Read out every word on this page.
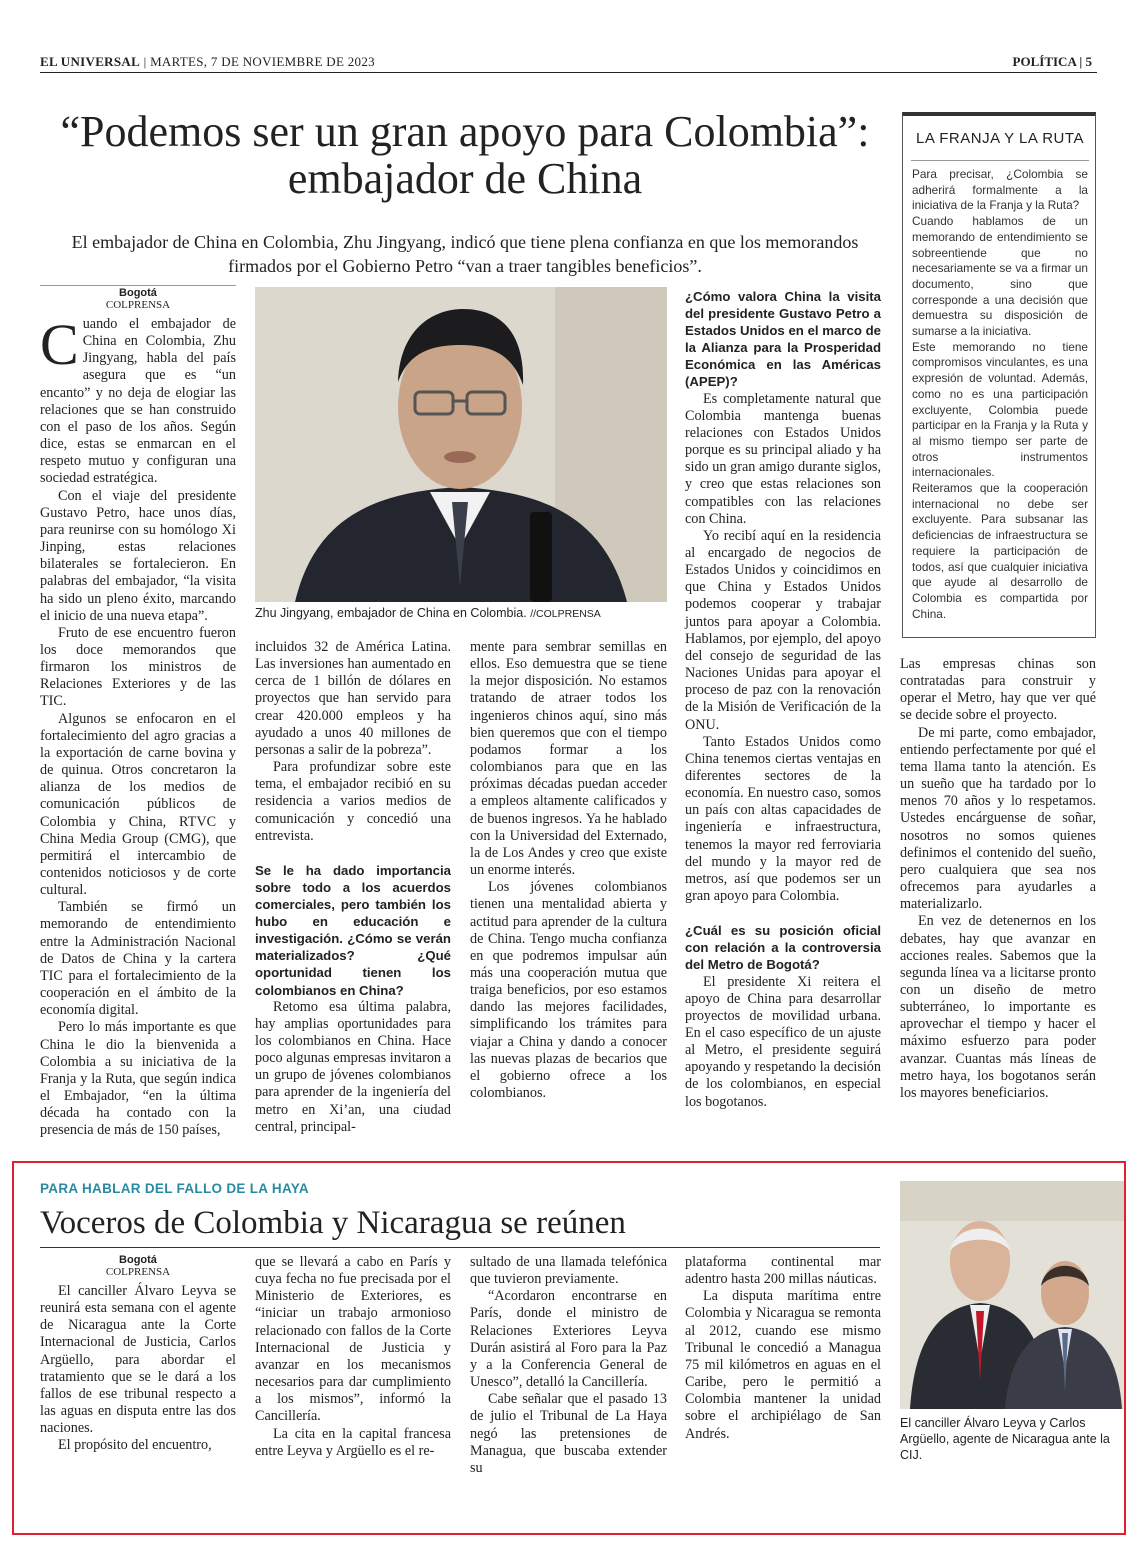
EL UNIVERSAL | MARTES, 7 DE NOVIEMBRE DE 2023	POLÍTICA | 5
“Podemos ser un gran apoyo para Colombia”: embajador de China
El embajador de China en Colombia, Zhu Jingyang, indicó que tiene plena confianza en que los memorandos firmados por el Gobierno Petro “van a traer tangibles beneficios”.
Bogotá
COLPRENSA

Cuando el embajador de China en Colombia, Zhu Jingyang, habla del país asegura que es “un encanto” y no deja de elogiar las relaciones que se han construido con el paso de los años. Según dice, estas se enmarcan en el respeto mutuo y configuran una sociedad estratégica.

Con el viaje del presidente Gustavo Petro, hace unos días, para reunirse con su homólogo Xi Jinping, estas relaciones bilaterales se fortalecieron. En palabras del embajador, “la visita ha sido un pleno éxito, marcando el inicio de una nueva etapa”.

Fruto de ese encuentro fueron los doce memorandos que firmaron los ministros de Relaciones Exteriores y de las TIC.

Algunos se enfocaron en el fortalecimiento del agro gracias a la exportación de carne bovina y de quinua. Otros concretaron la alianza de los medios de comunicación públicos de Colombia y China, RTVC y China Media Group (CMG), que permitirá el intercambio de contenidos noticiosos y de corte cultural.

También se firmó un memorando de entendimiento entre la Administración Nacional de Datos de China y la cartera TIC para el fortalecimiento de la cooperación en el ámbito de la economía digital.

Pero lo más importante es que China le dio la bienvenida a Colombia a su iniciativa de la Franja y la Ruta, que según indica el Embajador, “en la última década ha contado con la presencia de más de 150 países,

Zhu Jingyang, embajador de China en Colombia. //COLPRENSA

incluidos 32 de América Latina. Las inversiones han aumentado en cerca de 1 billón de dólares en proyectos que han servido para crear 420.000 empleos y ha ayudado a unos 40 millones de personas a salir de la pobreza”.

Para profundizar sobre este tema, el embajador recibió en su residencia a varios medios de comunicación y concedió una entrevista.

Se le ha dado importancia sobre todo a los acuerdos comerciales, pero también los hubo en educación e investigación. ¿Cómo se verán materializados? ¿Qué oportunidad tienen los colombianos en China?

Retomo esa última palabra, hay amplias oportunidades para los colombianos en China. Hace poco algunas empresas invitaron a un grupo de jóvenes colombianos para aprender de la ingeniería del metro en Xi’an, una ciudad central, principal-

mente para sembrar semillas en ellos. Eso demuestra que se tiene la mejor disposición. No estamos tratando de atraer todos los ingenieros chinos aquí, sino más bien queremos que con el tiempo podamos formar a los colombianos para que en las próximas décadas puedan acceder a empleos altamente calificados y de buenos ingresos. Ya he hablado con la Universidad del Externado, la de Los Andes y creo que existe un enorme interés.

Los jóvenes colombianos tienen una mentalidad abierta y actitud para aprender de la cultura de China. Tengo mucha confianza en que podremos impulsar aún más una cooperación mutua que traiga beneficios, por eso estamos dando las mejores facilidades, simplificando los trámites para viajar a China y dando a conocer las nuevas plazas de becarios que el gobierno ofrece a los colombianos.

¿Cómo valora China la visita del presidente Gustavo Petro a Estados Unidos en el marco de la Alianza para la Prosperidad Económica en las Américas (APEP)?

Es completamente natural que Colombia mantenga buenas relaciones con Estados Unidos porque es su principal aliado y ha sido un gran amigo durante siglos, y creo que estas relaciones son compatibles con las relaciones con China.

Yo recibí aquí en la residencia al encargado de negocios de Estados Unidos y coincidimos en que China y Estados Unidos podemos cooperar y trabajar juntos para apoyar a Colombia. Hablamos, por ejemplo, del apoyo del consejo de seguridad de las Naciones Unidas para apoyar el proceso de paz con la renovación de la Misión de Verificación de la ONU.

Tanto Estados Unidos como China tenemos ciertas ventajas en diferentes sectores de la economía. En nuestro caso, somos un país con altas capacidades de ingeniería e infraestructura, tenemos la mayor red ferroviaria del mundo y la mayor red de metros, así que podemos ser un gran apoyo para Colombia.

¿Cuál es su posición oficial con relación a la controversia del Metro de Bogotá?

El presidente Xi reitera el apoyo de China para desarrollar proyectos de movilidad urbana. En el caso específico de un ajuste al Metro, el presidente seguirá apoyando y respetando la decisión de los colombianos, en especial los bogotanos.

LA FRANJA Y LA RUTA
Para precisar, ¿Colombia se adherirá formalmente a la iniciativa de la Franja y la Ruta?
Cuando hablamos de un memorando de entendimiento se sobreentiende que no necesariamente se va a firmar un documento, sino que corresponde a una decisión que demuestra su disposición de sumarse a la iniciativa.
Este memorando no tiene compromisos vinculantes, es una expresión de voluntad. Además, como no es una participación excluyente, Colombia puede participar en la Franja y la Ruta y al mismo tiempo ser parte de otros instrumentos internacionales.
Reiteramos que la cooperación internacional no debe ser excluyente. Para subsanar las deficiencias de infraestructura se requiere la participación de todos, así que cualquier iniciativa que ayude al desarrollo de Colombia es compartida por China.

Las empresas chinas son contratadas para construir y operar el Metro, hay que ver qué se decide sobre el proyecto.

De mi parte, como embajador, entiendo perfectamente por qué el tema llama tanto la atención. Es un sueño que ha tardado por lo menos 70 años y lo respetamos. Ustedes encárguense de soñar, nosotros no somos quienes definimos el contenido del sueño, pero cualquiera que sea nos ofrecemos para ayudarles a materializarlo.

En vez de detenernos en los debates, hay que avanzar en acciones reales. Sabemos que la segunda línea va a licitarse pronto con un diseño de metro subterráneo, lo importante es aprovechar el tiempo y hacer el máximo esfuerzo para poder avanzar. Cuantas más líneas de metro haya, los bogotanos serán los mayores beneficiarios.

PARA HABLAR DEL FALLO DE LA HAYA
Voceros de Colombia y Nicaragua se reúnen
Bogotá
COLPRENSA

El canciller Álvaro Leyva se reunirá esta semana con el agente de Nicaragua ante la Corte Internacional de Justicia, Carlos Argüello, para abordar el tratamiento que se le dará a los fallos de ese tribunal respecto a las aguas en disputa entre las dos naciones.

El propósito del encuentro,

que se llevará a cabo en París y cuya fecha no fue precisada por el Ministerio de Exteriores, es “iniciar un trabajo armonioso relacionado con fallos de la Corte Internacional de Justicia y avanzar en los mecanismos necesarios para dar cumplimiento a los mismos”, informó la Cancillería.

La cita en la capital francesa entre Leyva y Argüello es el re-

sultado de una llamada telefónica que tuvieron previamente.

“Acordaron encontrarse en París, donde el ministro de Relaciones Exteriores Leyva Durán asistirá al Foro para la Paz y a la Conferencia General de Unesco”, detalló la Cancillería.

Cabe señalar que el pasado 13 de julio el Tribunal de La Haya negó las pretensiones de Managua, que buscaba extender su

plataforma continental mar adentro hasta 200 millas náuticas.

La disputa marítima entre Colombia y Nicaragua se remonta al 2012, cuando ese mismo Tribunal le concedió a Managua 75 mil kilómetros en aguas en el Caribe, pero le permitió a Colombia mantener la unidad sobre el archipiélago de San Andrés.

El canciller Álvaro Leyva y Carlos Argüello, agente de Nicaragua ante la CIJ.
